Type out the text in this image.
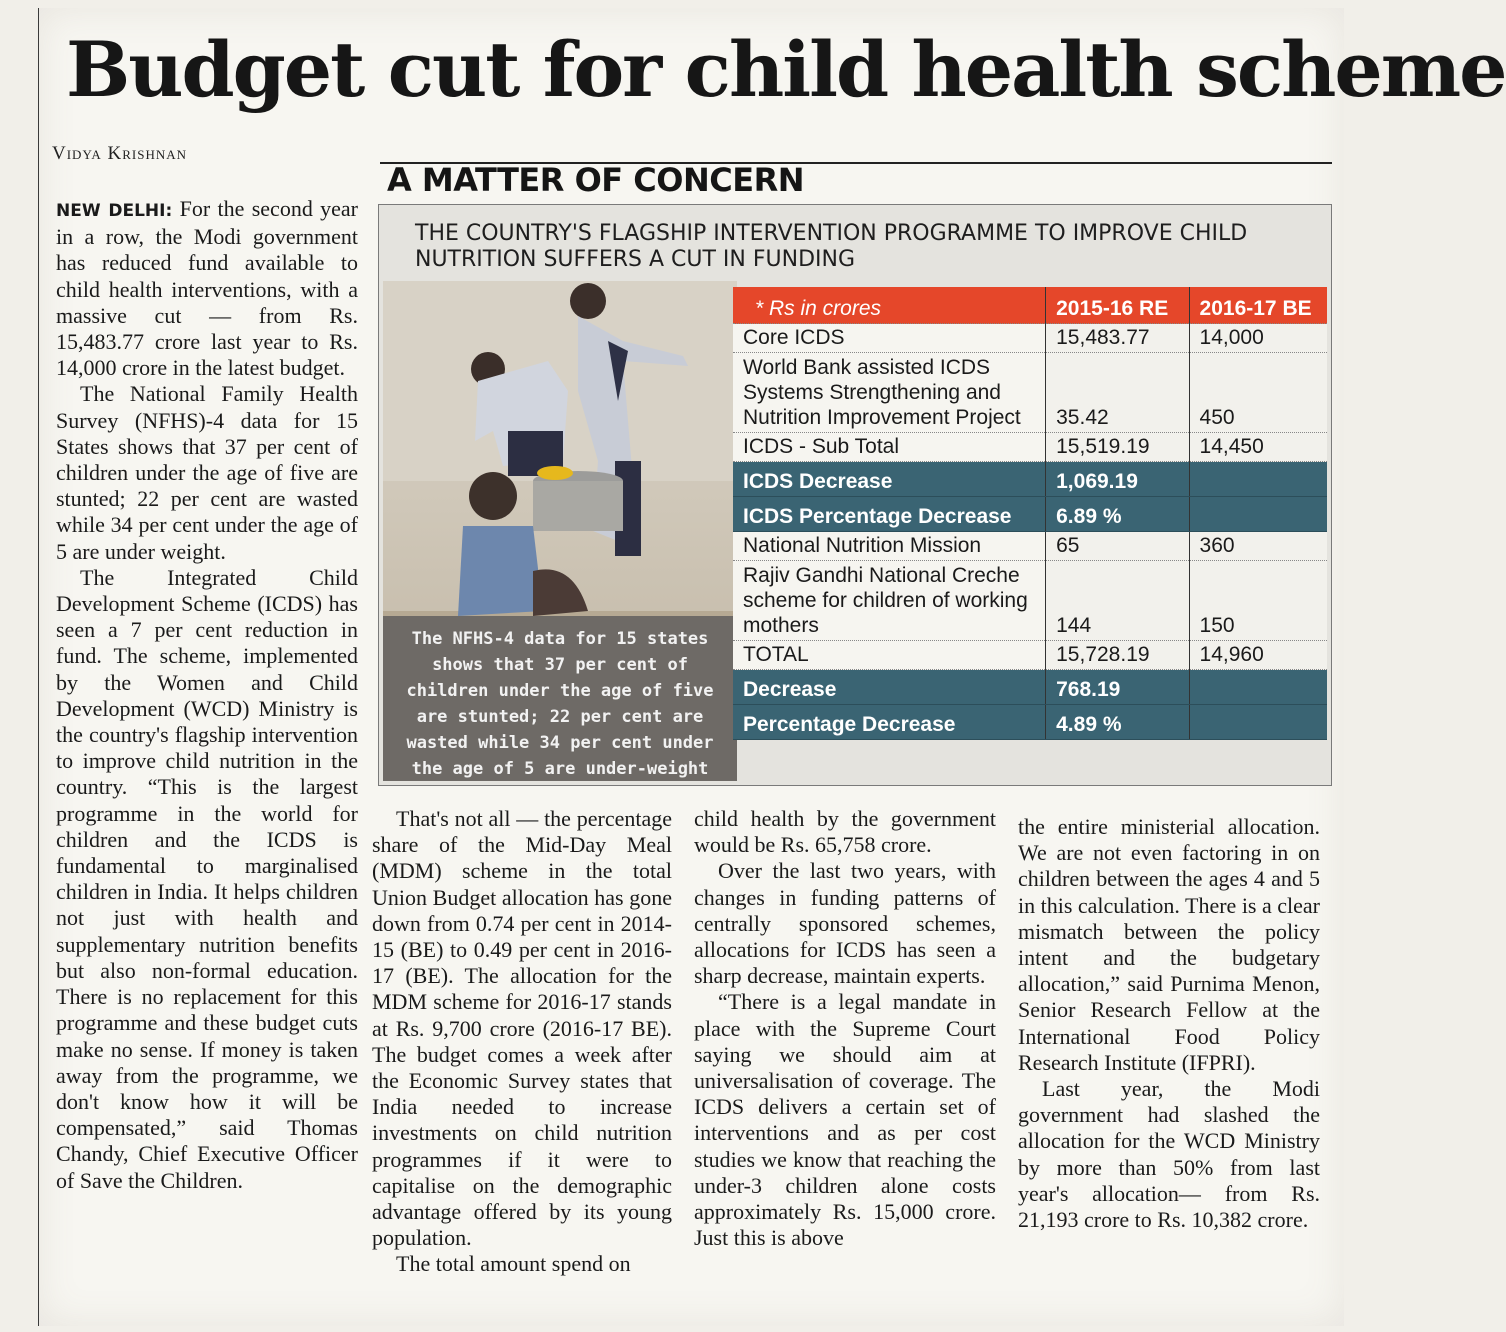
Budget cut for child health scheme
Vidya Krishnan
A MATTER OF CONCERN
THE COUNTRY'S FLAGSHIP INTERVENTION PROGRAMME TO IMPROVE CHILD NUTRITION SUFFERS A CUT IN FUNDING
The NFHS-4 data for 15 states shows that 37 per cent of children under the age of five are stunted; 22 per cent are wasted while 34 per cent under the age of 5 are under-weight
* Rs in crores	2015-16 RE	2016-17 BE
Core ICDS	15,483.77	14,000
World Bank assisted ICDS Systems Strengthening and Nutrition Improvement Project	35.42	450
ICDS - Sub Total	15,519.19	14,450
ICDS Decrease	1,069.19	
ICDS Percentage Decrease	6.89 %	
National Nutrition Mission	65	360
Rajiv Gandhi National Creche scheme for children of working mothers	144	150
TOTAL	15,728.19	14,960
Decrease	768.19	
Percentage Decrease	4.89 %	

NEW DELHI: For the second year in a row, the Modi government has reduced fund available to child health interventions, with a massive cut — from Rs. 15,483.77 crore last year to Rs. 14,000 crore in the latest budget.

The National Family Health Survey (NFHS)-4 data for 15 States shows that 37 per cent of children under the age of five are stunted; 22 per cent are wasted while 34 per cent under the age of 5 are under weight.

The Integrated Child Development Scheme (ICDS) has seen a 7 per cent reduction in fund. The scheme, implemented by the Women and Child Development (WCD) Ministry is the country's flagship intervention to improve child nutrition in the country. “This is the largest programme in the world for children and the ICDS is fundamental to marginalised children in India. It helps children not just with health and supplementary nutrition benefits but also non-formal education. There is no replacement for this programme and these budget cuts make no sense. If money is taken away from the programme, we don't know how it will be compensated,” said Thomas Chandy, Chief Executive Officer of Save the Children.

That's not all — the percentage share of the Mid-Day Meal (MDM) scheme in the total Union Budget allocation has gone down from 0.74 per cent in 2014-15 (BE) to 0.49 per cent in 2016-17 (BE). The allocation for the MDM scheme for 2016-17 stands at Rs. 9,700 crore (2016-17 BE). The budget comes a week after the Economic Survey states that India needed to increase investments on child nutrition programmes if it were to capitalise on the demographic advantage offered by its young population.

The total amount spend on

child health by the government would be Rs. 65,758 crore.

Over the last two years, with changes in funding patterns of centrally sponsored schemes, allocations for ICDS has seen a sharp decrease, maintain experts.

“There is a legal mandate in place with the Supreme Court saying we should aim at universalisation of coverage. The ICDS delivers a certain set of interventions and as per cost studies we know that reaching the under-3 children alone costs approximately Rs. 15,000 crore. Just this is above

the entire ministerial allocation. We are not even factoring in on children between the ages 4 and 5 in this calculation. There is a clear mismatch between the policy intent and the budgetary allocation,” said Purnima Menon, Senior Research Fellow at the International Food Policy Research Institute (IFPRI).

Last year, the Modi government had slashed the allocation for the WCD Ministry by more than 50% from last year's allocation— from Rs. 21,193 crore to Rs. 10,382 crore.
